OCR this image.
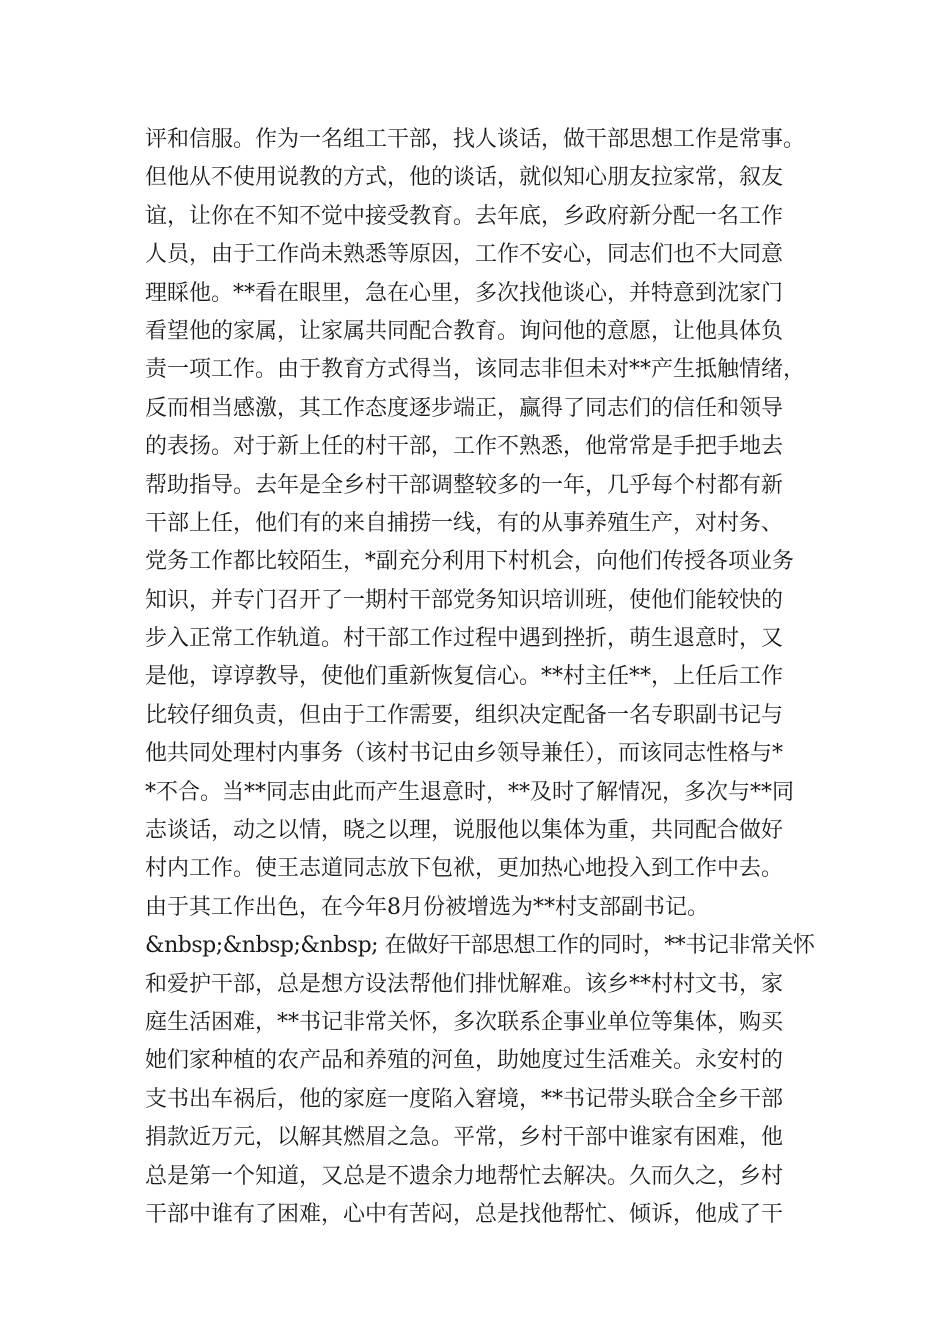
评和信服。作为一名组工干部，找人谈话，做干部思想工作是常事。
但他从不使用说教的方式，他的谈话，就似知心朋友拉家常，叙友
谊，让你在不知不觉中接受教育。去年底，乡政府新分配一名工作
人员，由于工作尚未熟悉等原因，工作不安心，同志们也不大同意
理睬他。**看在眼里，急在心里，多次找他谈心，并特意到沈家门
看望他的家属，让家属共同配合教育。询问他的意愿，让他具体负
责一项工作。由于教育方式得当，该同志非但未对**产生抵触情绪，
反而相当感激，其工作态度逐步端正，赢得了同志们的信任和领导
的表扬。对于新上任的村干部，工作不熟悉，他常常是手把手地去
帮助指导。去年是全乡村干部调整较多的一年，几乎每个村都有新
干部上任，他们有的来自捕捞一线，有的从事养殖生产，对村务、
党务工作都比较陌生，*副充分利用下村机会，向他们传授各项业务
知识，并专门召开了一期村干部党务知识培训班，使他们能较快的
步入正常工作轨道。村干部工作过程中遇到挫折，萌生退意时，又
是他，谆谆教导，使他们重新恢复信心。**村主任**，上任后工作
比较仔细负责，但由于工作需要，组织决定配备一名专职副书记与
他共同处理村内事务（该村书记由乡领导兼任），而该同志性格与*
*不合。当**同志由此而产生退意时，**及时了解情况，多次与**同
志谈话，动之以情，晓之以理，说服他以集体为重，共同配合做好
村内工作。使王志道同志放下包袱，更加热心地投入到工作中去。
由于其工作出色，在今年8月份被增选为**村支部副书记。
&nbsp;&nbsp;&nbsp; 在做好干部思想工作的同时，**书记非常关怀
和爱护干部，总是想方设法帮他们排忧解难。该乡**村村文书，家
庭生活困难，**书记非常关怀，多次联系企事业单位等集体，购买
她们家种植的农产品和养殖的河鱼，助她度过生活难关。永安村的
支书出车祸后，他的家庭一度陷入窘境，**书记带头联合全乡干部
捐款近万元，以解其燃眉之急。平常，乡村干部中谁家有困难，他
总是第一个知道，又总是不遗余力地帮忙去解决。久而久之，乡村
干部中谁有了困难，心中有苦闷，总是找他帮忙、倾诉，他成了干
